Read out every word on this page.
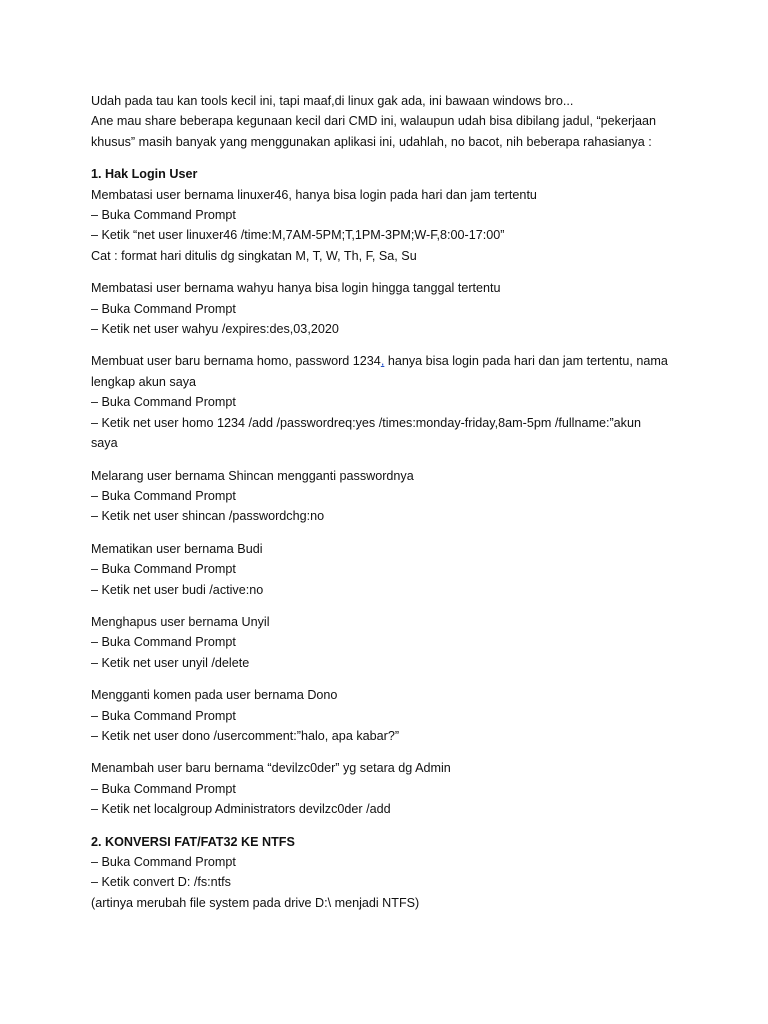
Udah pada tau kan tools kecil ini, tapi maaf,di linux gak ada, ini bawaan windows bro...
Ane mau share beberapa kegunaan kecil dari CMD ini, walaupun udah bisa dibilang jadul, “pekerjaan
khusus” masih banyak yang menggunakan aplikasi ini, udahlah, no bacot, nih beberapa rahasianya :
1. Hak Login User
Membatasi user bernama linuxer46, hanya bisa login pada hari dan jam tertentu
– Buka Command Prompt
– Ketik “net user linuxer46 /time:M,7AM-5PM;T,1PM-3PM;W-F,8:00-17:00”
Cat : format hari ditulis dg singkatan M, T, W, Th, F, Sa, Su
Membatasi user bernama wahyu hanya bisa login hingga tanggal tertentu
– Buka Command Prompt
– Ketik net user wahyu /expires:des,03,2020
Membuat user baru bernama homo, password 1234, hanya bisa login pada hari dan jam tertentu, nama
lengkap akun saya
– Buka Command Prompt
– Ketik net user homo 1234 /add /passwordreq:yes /times:monday-friday,8am-5pm /fullname:”akun
saya
Melarang user bernama Shincan mengganti passwordnya
– Buka Command Prompt
– Ketik net user shincan /passwordchg:no
Mematikan user bernama Budi
– Buka Command Prompt
– Ketik net user budi /active:no
Menghapus user bernama Unyil
– Buka Command Prompt
– Ketik net user unyil /delete
Mengganti komen pada user bernama Dono
– Buka Command Prompt
– Ketik net user dono /usercomment:”halo, apa kabar?”
Menambah user baru bernama “devilzc0der” yg setara dg Admin
– Buka Command Prompt
– Ketik net localgroup Administrators devilzc0der /add
2. KONVERSI FAT/FAT32 KE NTFS
– Buka Command Prompt
– Ketik convert D: /fs:ntfs
(artinya merubah file system pada drive D:\ menjadi NTFS)
